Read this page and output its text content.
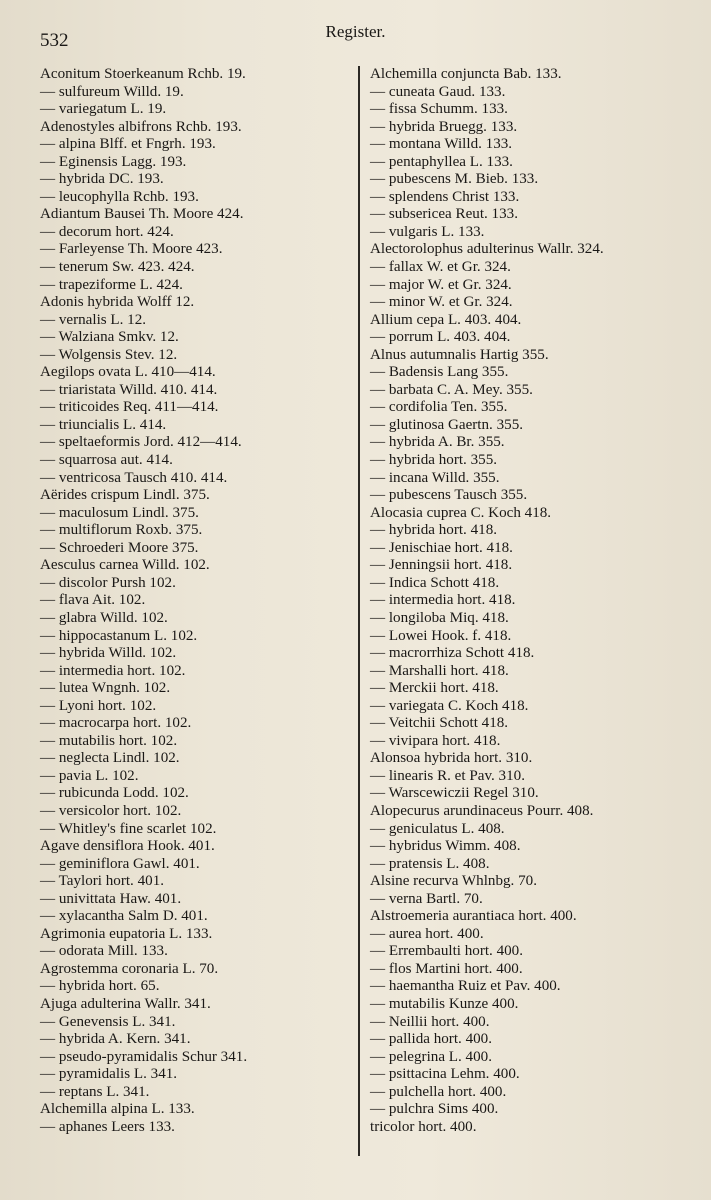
532	Register.
Aconitum Stoerkeanum Rchb. 19.
— sulfureum Willd. 19.
— variegatum L. 19.
Adenostyles albifrons Rchb. 193.
— alpina Blff. et Fngrh. 193.
— Eginensis Lagg. 193.
— hybrida DC. 193.
— leucophylla Rchb. 193.
Adiantum Bausei Th. Moore 424.
— decorum hort. 424.
— Farleyense Th. Moore 423.
— tenerum Sw. 423. 424.
— trapeziforme L. 424.
Adonis hybrida Wolff 12.
— vernalis L. 12.
— Walziana Smkv. 12.
— Wolgensis Stev. 12.
Aegilops ovata L. 410—414.
— triaristata Willd. 410. 414.
— triticoides Req. 411—414.
— triuncialis L. 414.
— speltaeformis Jord. 412—414.
— squarrosa aut. 414.
— ventricosa Tausch 410. 414.
Aërides crispum Lindl. 375.
— maculosum Lindl. 375.
— multiflorum Roxb. 375.
— Schroederi Moore 375.
Aesculus carnea Willd. 102.
— discolor Pursh 102.
— flava Ait. 102.
— glabra Willd. 102.
— hippocastanum L. 102.
— hybrida Willd. 102.
— intermedia hort. 102.
— lutea Wngnh. 102.
— Lyoni hort. 102.
— macrocarpa hort. 102.
— mutabilis hort. 102.
— neglecta Lindl. 102.
— pavia L. 102.
— rubicunda Lodd. 102.
— versicolor hort. 102.
— Whitley's fine scarlet 102.
Agave densiflora Hook. 401.
— geminiflora Gawl. 401.
— Taylori hort. 401.
— univittata Haw. 401.
— xylacantha Salm D. 401.
Agrimonia eupatoria L. 133.
— odorata Mill. 133.
Agrostemma coronaria L. 70.
— hybrida hort. 65.
Ajuga adulterina Wallr. 341.
— Genevensis L. 341.
— hybrida A. Kern. 341.
— pseudo-pyramidalis Schur 341.
— pyramidalis L. 341.
— reptans L. 341.
Alchemilla alpina L. 133.
— aphanes Leers 133.
Alchemilla conjuncta Bab. 133.
— cuneata Gaud. 133.
— fissa Schumm. 133.
— hybrida Bruegg. 133.
— montana Willd. 133.
— pentaphyllea L. 133.
— pubescens M. Bieb. 133.
— splendens Christ 133.
— subsericea Reut. 133.
— vulgaris L. 133.
Alectorolophus adulterinus Wallr. 324.
— fallax W. et Gr. 324.
— major W. et Gr. 324.
— minor W. et Gr. 324.
Allium cepa L. 403. 404.
— porrum L. 403. 404.
Alnus autumnalis Hartig 355.
— Badensis Lang 355.
— barbata C. A. Mey. 355.
— cordifolia Ten. 355.
— glutinosa Gaertn. 355.
— hybrida A. Br. 355.
— hybrida hort. 355.
— incana Willd. 355.
— pubescens Tausch 355.
Alocasia cuprea C. Koch 418.
— hybrida hort. 418.
— Jenischiae hort. 418.
— Jenningsii hort. 418.
— Indica Schott 418.
— intermedia hort. 418.
— longiloba Miq. 418.
— Lowei Hook. f. 418.
— macrorrhiza Schott 418.
— Marshalli hort. 418.
— Merckii hort. 418.
— variegata C. Koch 418.
— Veitchii Schott 418.
— vivipara hort. 418.
Alonsoa hybrida hort. 310.
— linearis R. et Pav. 310.
— Warscewiczii Regel 310.
Alopecurus arundinaceus Pourr. 408.
— geniculatus L. 408.
— hybridus Wimm. 408.
— pratensis L. 408.
Alsine recurva Whlnbg. 70.
— verna Bartl. 70.
Alstroemeria aurantiaca hort. 400.
— aurea hort. 400.
— Errembaulti hort. 400.
— flos Martini hort. 400.
— haemantha Ruiz et Pav. 400.
— mutabilis Kunze 400.
— Neillii hort. 400.
— pallida hort. 400.
— pelegrina L. 400.
— psittacina Lehm. 400.
— pulchella hort. 400.
— pulchra Sims 400.
tricolor hort. 400.
